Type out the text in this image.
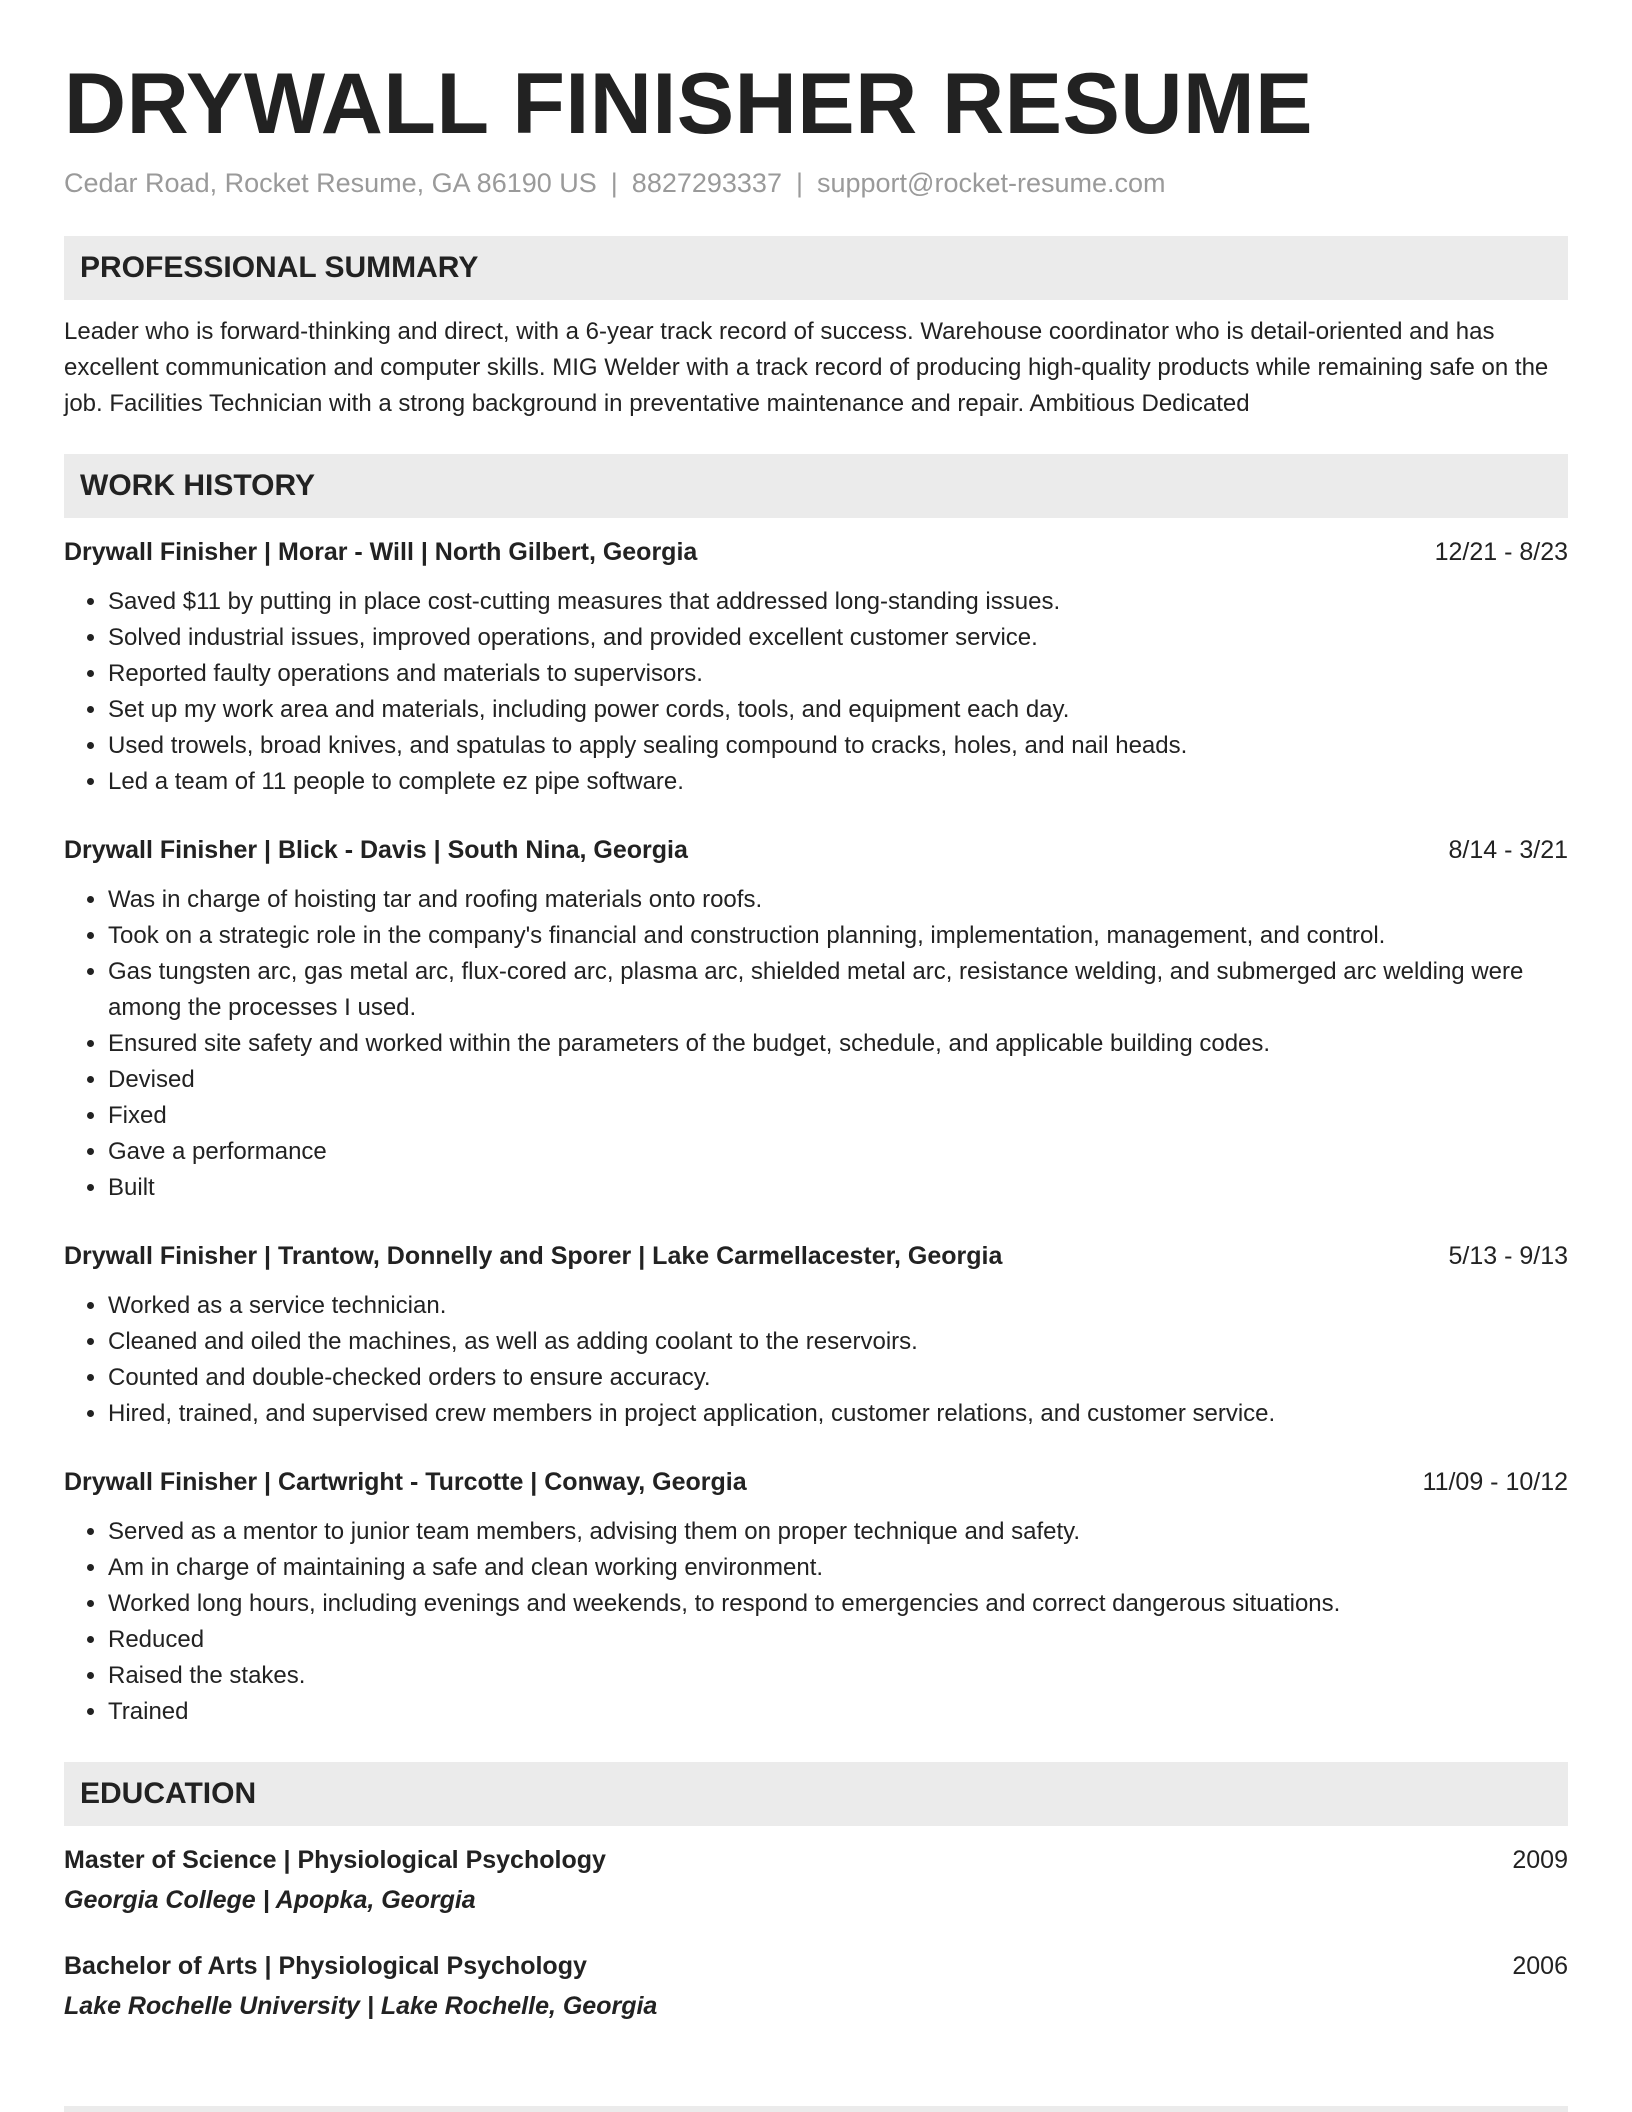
DRYWALL FINISHER RESUME
Cedar Road, Rocket Resume, GA 86190 US | 8827293337 | support@rocket-resume.com
PROFESSIONAL SUMMARY

Leader who is forward-thinking and direct, with a 6-year track record of success. Warehouse coordinator who is detail-oriented and has excellent communication and computer skills. MIG Welder with a track record of producing high-quality products while remaining safe on the job. Facilities Technician with a strong background in preventative maintenance and repair. Ambitious Dedicated

WORK HISTORY
Drywall Finisher | Morar - Will | North Gilbert, Georgia	12/21 - 8/23
• Saved $11 by putting in place cost-cutting measures that addressed long-standing issues.
• Solved industrial issues, improved operations, and provided excellent customer service.
• Reported faulty operations and materials to supervisors.
• Set up my work area and materials, including power cords, tools, and equipment each day.
• Used trowels, broad knives, and spatulas to apply sealing compound to cracks, holes, and nail heads.
• Led a team of 11 people to complete ez pipe software.
Drywall Finisher | Blick - Davis | South Nina, Georgia	8/14 - 3/21
• Was in charge of hoisting tar and roofing materials onto roofs.
• Took on a strategic role in the company's financial and construction planning, implementation, management, and control.
• Gas tungsten arc, gas metal arc, flux-cored arc, plasma arc, shielded metal arc, resistance welding, and submerged arc welding were among the processes I used.
• Ensured site safety and worked within the parameters of the budget, schedule, and applicable building codes.
• Devised
• Fixed
• Gave a performance
• Built
Drywall Finisher | Trantow, Donnelly and Sporer | Lake Carmellacester, Georgia	5/13 - 9/13
• Worked as a service technician.
• Cleaned and oiled the machines, as well as adding coolant to the reservoirs.
• Counted and double-checked orders to ensure accuracy.
• Hired, trained, and supervised crew members in project application, customer relations, and customer service.
Drywall Finisher | Cartwright - Turcotte | Conway, Georgia	11/09 - 10/12
• Served as a mentor to junior team members, advising them on proper technique and safety.
• Am in charge of maintaining a safe and clean working environment.
• Worked long hours, including evenings and weekends, to respond to emergencies and correct dangerous situations.
• Reduced
• Raised the stakes.
• Trained
EDUCATION
Master of Science | Physiological Psychology	2009
Georgia College | Apopka, Georgia
Bachelor of Arts | Physiological Psychology	2006
Lake Rochelle University | Lake Rochelle, Georgia
